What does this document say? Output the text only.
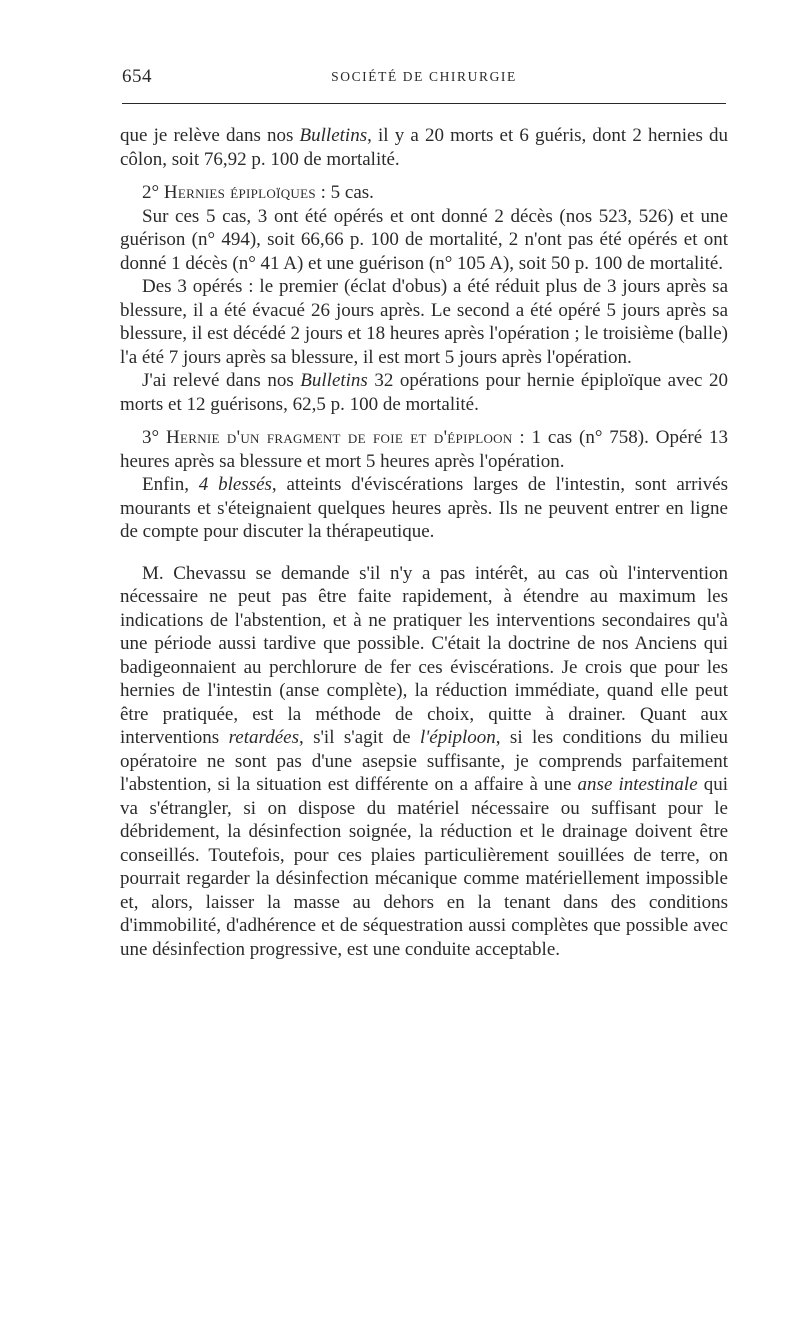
654	SOCIÉTÉ DE CHIRURGIE

que je relève dans nos Bulletins, il y a 20 morts et 6 guéris, dont 2 hernies du côlon, soit 76,92 p. 100 de mortalité.

2° Hernies épiploïques : 5 cas.

Sur ces 5 cas, 3 ont été opérés et ont donné 2 décès (nos 523, 526) et une guérison (n° 494), soit 66,66 p. 100 de mortalité, 2 n'ont pas été opérés et ont donné 1 décès (n° 41 A) et une guérison (n° 105 A), soit 50 p. 100 de mortalité.

Des 3 opérés : le premier (éclat d'obus) a été réduit plus de 3 jours après sa blessure, il a été évacué 26 jours après. Le second a été opéré 5 jours après sa blessure, il est décédé 2 jours et 18 heures après l'opération ; le troisième (balle) l'a été 7 jours après sa blessure, il est mort 5 jours après l'opération.

J'ai relevé dans nos Bulletins 32 opérations pour hernie épiploïque avec 20 morts et 12 guérisons, 62,5 p. 100 de mortalité.

3° Hernie d'un fragment de foie et d'épiploon : 1 cas (n° 758). Opéré 13 heures après sa blessure et mort 5 heures après l'opération.

Enfin, 4 blessés, atteints d'éviscérations larges de l'intestin, sont arrivés mourants et s'éteignaient quelques heures après. Ils ne peuvent entrer en ligne de compte pour discuter la thérapeutique.

M. Chevassu se demande s'il n'y a pas intérêt, au cas où l'intervention nécessaire ne peut pas être faite rapidement, à étendre au maximum les indications de l'abstention, et à ne pratiquer les interventions secondaires qu'à une période aussi tardive que possible. C'était la doctrine de nos Anciens qui badigeonnaient au perchlorure de fer ces éviscérations. Je crois que pour les hernies de l'intestin (anse complète), la réduction immédiate, quand elle peut être pratiquée, est la méthode de choix, quitte à drainer. Quant aux interventions retardées, s'il s'agit de l'épiploon, si les conditions du milieu opératoire ne sont pas d'une asepsie suffisante, je comprends parfaitement l'abstention, si la situation est différente on a affaire à une anse intestinale qui va s'étrangler, si on dispose du matériel nécessaire ou suffisant pour le débridement, la désinfection soignée, la réduction et le drainage doivent être conseillés. Toutefois, pour ces plaies particulièrement souillées de terre, on pourrait regarder la désinfection mécanique comme matériellement impossible et, alors, laisser la masse au dehors en la tenant dans des conditions d'immobilité, d'adhérence et de séquestration aussi complètes que possible avec une désinfection progressive, est une conduite acceptable.
